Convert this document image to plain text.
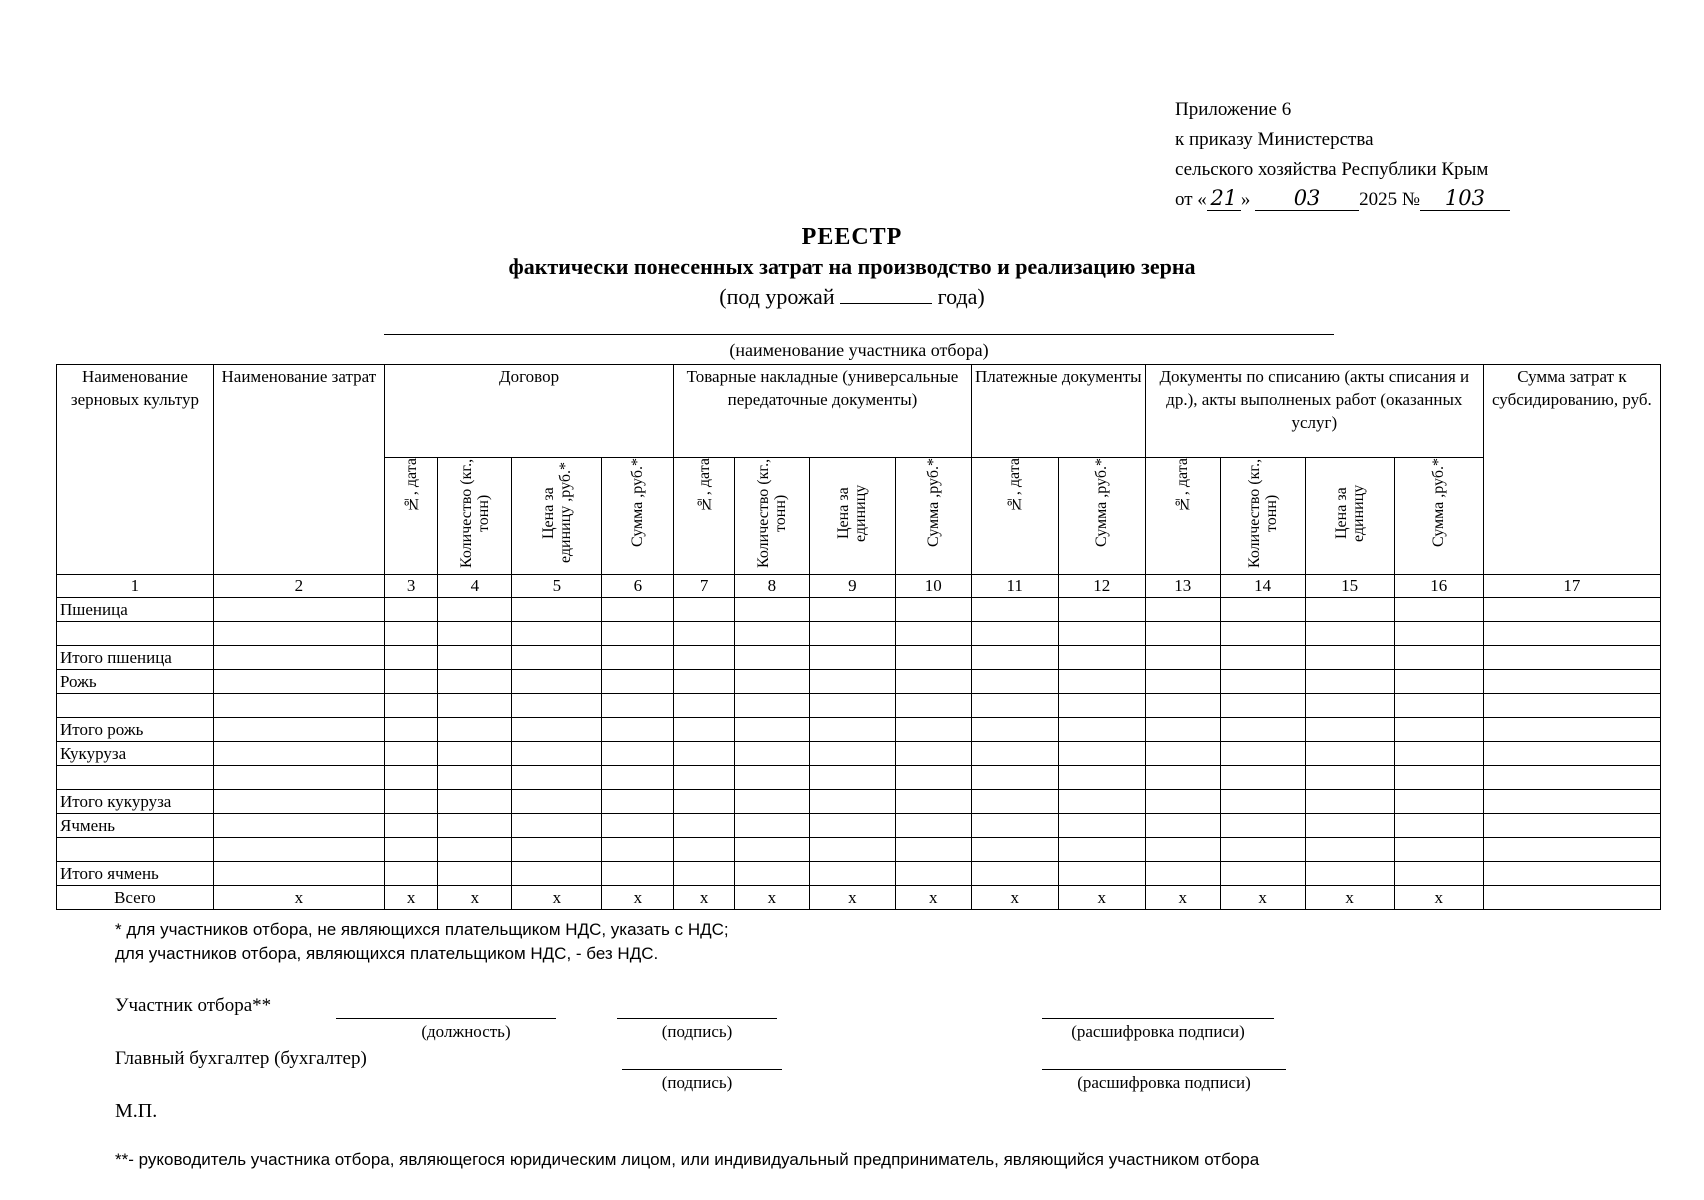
Приложение 6
к приказу Министерства
сельского хозяйства Республики Крым
от « 21 » 03 2025 № 103
РЕЕСТР
фактически понесенных затрат на производство и реализацию зерна
(под урожай	года)
(наименование участника отбора)
Наименование зерновых культур	Наименование затрат	Договор				Товарные накладные (универсальные передаточные документы)				Платежные документы		Документы по списанию (акты списания и др.), акты выполненых работ (оказанных услуг)				Сумма затрат к субсидированию, руб.
		№, дата	Количество (кг., тонн)	Цена за единицу ,руб.*	Сумма ,руб.*	№, дата	Количество (кг., тонн)	Цена за единицу	Сумма ,руб.*	№, дата	Сумма ,руб.*	№, дата	Количество (кг., тонн)	Цена за единицу	Сумма ,руб.*	
1	2	3	4	5	6	7	8	9	10	11	12	13	14	15	16	17
Пшеница																

Итого пшеница																
Рожь																

Итого рожь																
Кукуруза																

Итого кукуруза																
Ячмень																

Итого ячмень																
Всего	х	х	х	х	х	х	х	х	х	х	х	х	х	х	х	
* для участников отбора, не являющихся плательщиком НДС, указать с НДС;
для участников отбора, являющихся плательщиком НДС, - без НДС.
Участник отбора**
(должность)	(подпись)	(расшифровка подписи)
Главный бухгалтер (бухгалтер)
(подпись)	(расшифровка подписи)
М.П.
**- руководитель участника отбора, являющегося юридическим лицом, или индивидуальный предприниматель, являющийся участником отбора
